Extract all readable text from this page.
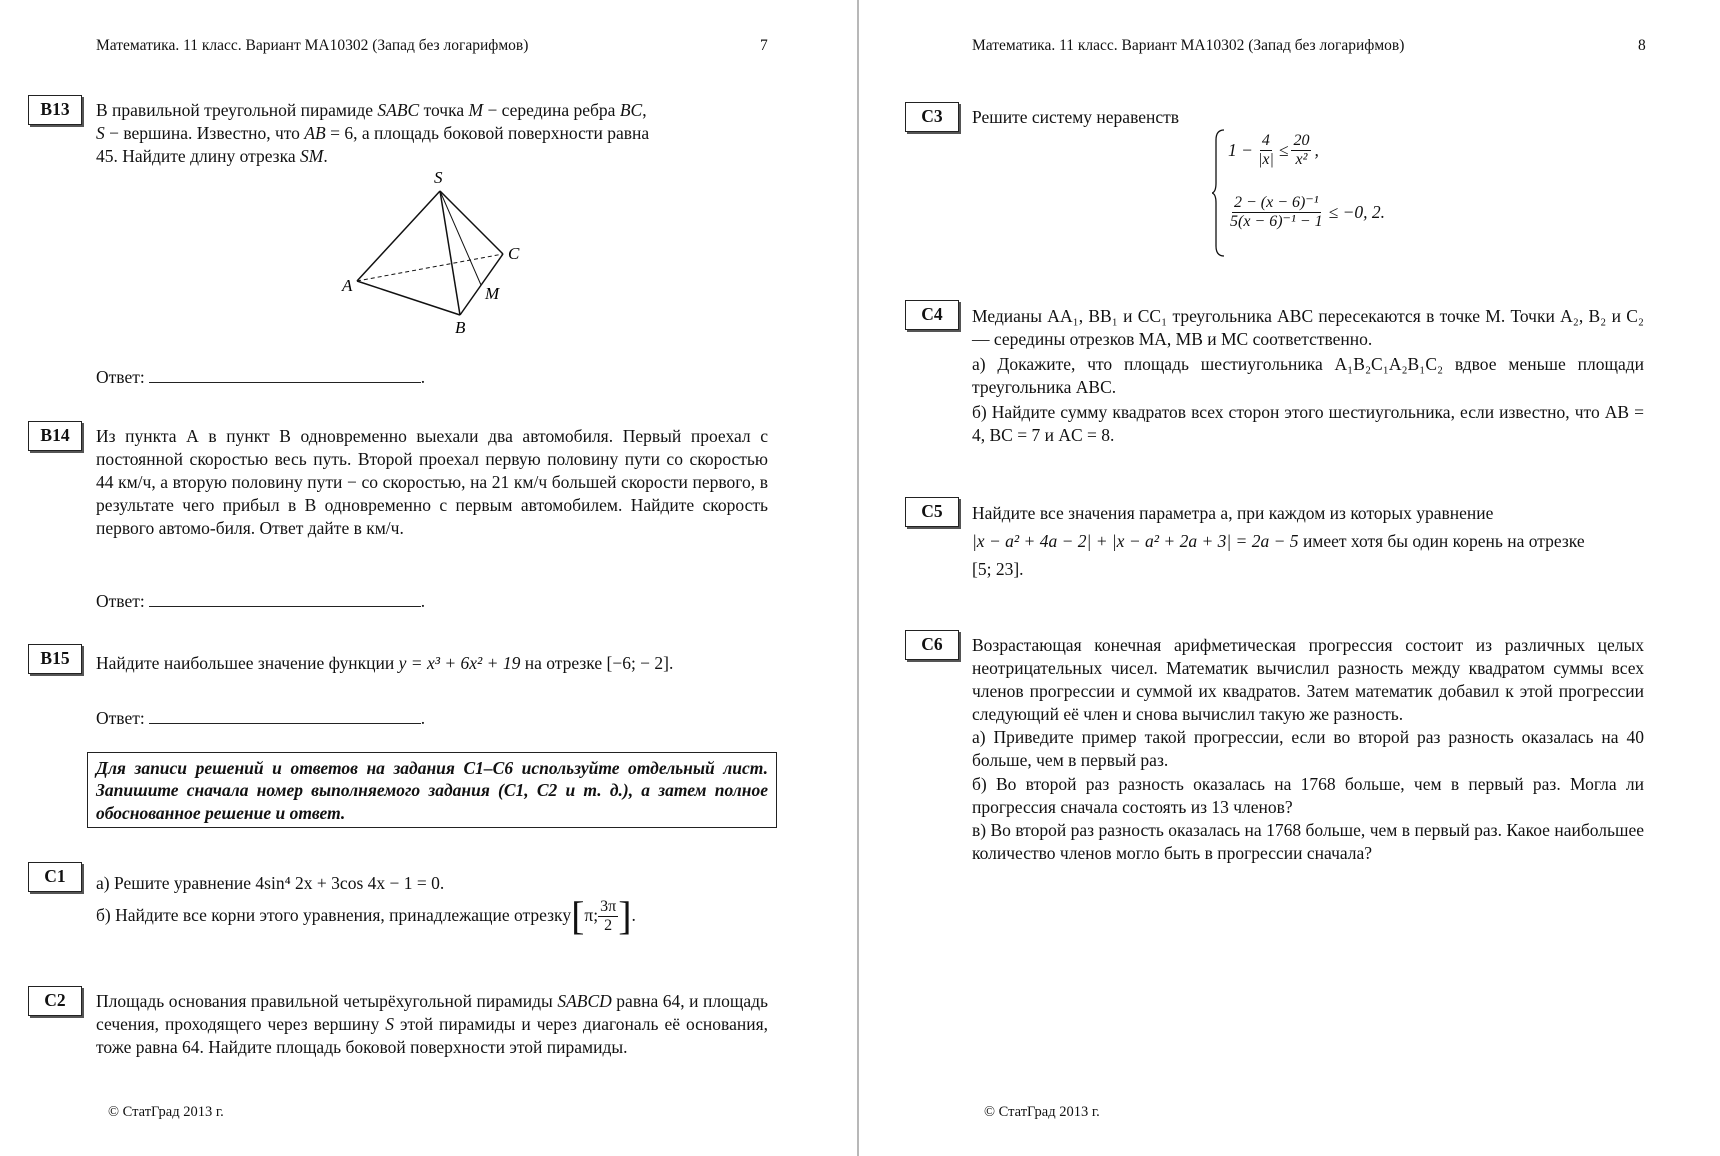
Математика. 11 класс. Вариант МА10302 (Запад без логарифмов)	7
B13	В правильной треугольной пирамиде SABC точка M − середина ребра BC,

S − вершина. Известно, что AB = 6, а площадь боковой поверхности равна

45. Найдите длину отрезка SM.

S
A
B
C
M
Ответ:	.
B14	Из пункта А в пункт В одновременно выехали два автомобиля. Первый проехал с постоянной скоростью весь путь. Второй проехал первую половину пути со скоростью 44 км/ч, а вторую половину пути − со скоростью, на 21 км/ч большей скорости первого, в результате чего прибыл в В одновременно с первым автомобилем. Найдите скорость первого автомо-биля. Ответ дайте в км/ч.
Ответ:	.
B15	Найдите наибольшее значение функции y = x³ + 6x² + 19 на отрезке [−6; − 2].
Ответ:	.
Для записи решений и ответов на задания С1–С6 используйте отдельный лист. Запишите сначала номер выполняемого задания (С1, С2 и т. д.), а затем полное обоснованное решение и ответ.
C1	а) Решите уравнение 4sin⁴ 2x + 3cos 4x − 1 = 0.
б) Найдите все корни этого уравнения, принадлежащие отрезку [ π; $\frac{3\pi}{2}$ ] .
C2	Площадь основания правильной четырёхугольной пирамиды SABCD равна 64, и площадь сечения, проходящего через вершину S этой пирамиды и через диагональ её основания, тоже равна 64. Найдите площадь боковой поверхности этой пирамиды.
© СтатГрад 2013 г.
Математика. 11 класс. Вариант МА10302 (Запад без логарифмов)	8
C3	Решите систему неравенств
$1 - \frac{4}{|x|} \le \frac{20}{\text{x²}}$ ,
$\frac{\text{2 − (x − 6)⁻¹}}{\text{5(x − 6)⁻¹ − 1}} \le -0$, 2.
C4	Медианы AA₁, BB₁ и CC₁ треугольника ABC пересекаются в точке M. Точки A₂, B₂ и C₂ — середины отрезков MA, MB и MC соответственно.

а) Докажите, что площадь шестиугольника A₁B₂C₁A₂B₁C₂ вдвое меньше площади треугольника ABC.

б) Найдите сумму квадратов всех сторон этого шестиугольника, если известно, что AB = 4, BC = 7 и AC = 8.

C5	Найдите все значения параметра a, при каждом из которых уравнение

|x − a² + 4a − 2| + |x − a² + 2a + 3| = 2a − 5 имеет хотя бы один корень на отрезке

[5; 23].

C6	Возрастающая конечная арифметическая прогрессия состоит из различных целых неотрицательных чисел. Математик вычислил разность между квадратом суммы всех членов прогрессии и суммой их квадратов. Затем математик добавил к этой прогрессии следующий её член и снова вычислил такую же разность.

а) Приведите пример такой прогрессии, если во второй раз разность оказалась на 40 больше, чем в первый раз.

б) Во второй раз разность оказалась на 1768 больше, чем в первый раз. Могла ли прогрессия сначала состоять из 13 членов?

в) Во второй раз разность оказалась на 1768 больше, чем в первый раз. Какое наибольшее количество членов могло быть в прогрессии сначала?

© СтатГрад 2013 г.
